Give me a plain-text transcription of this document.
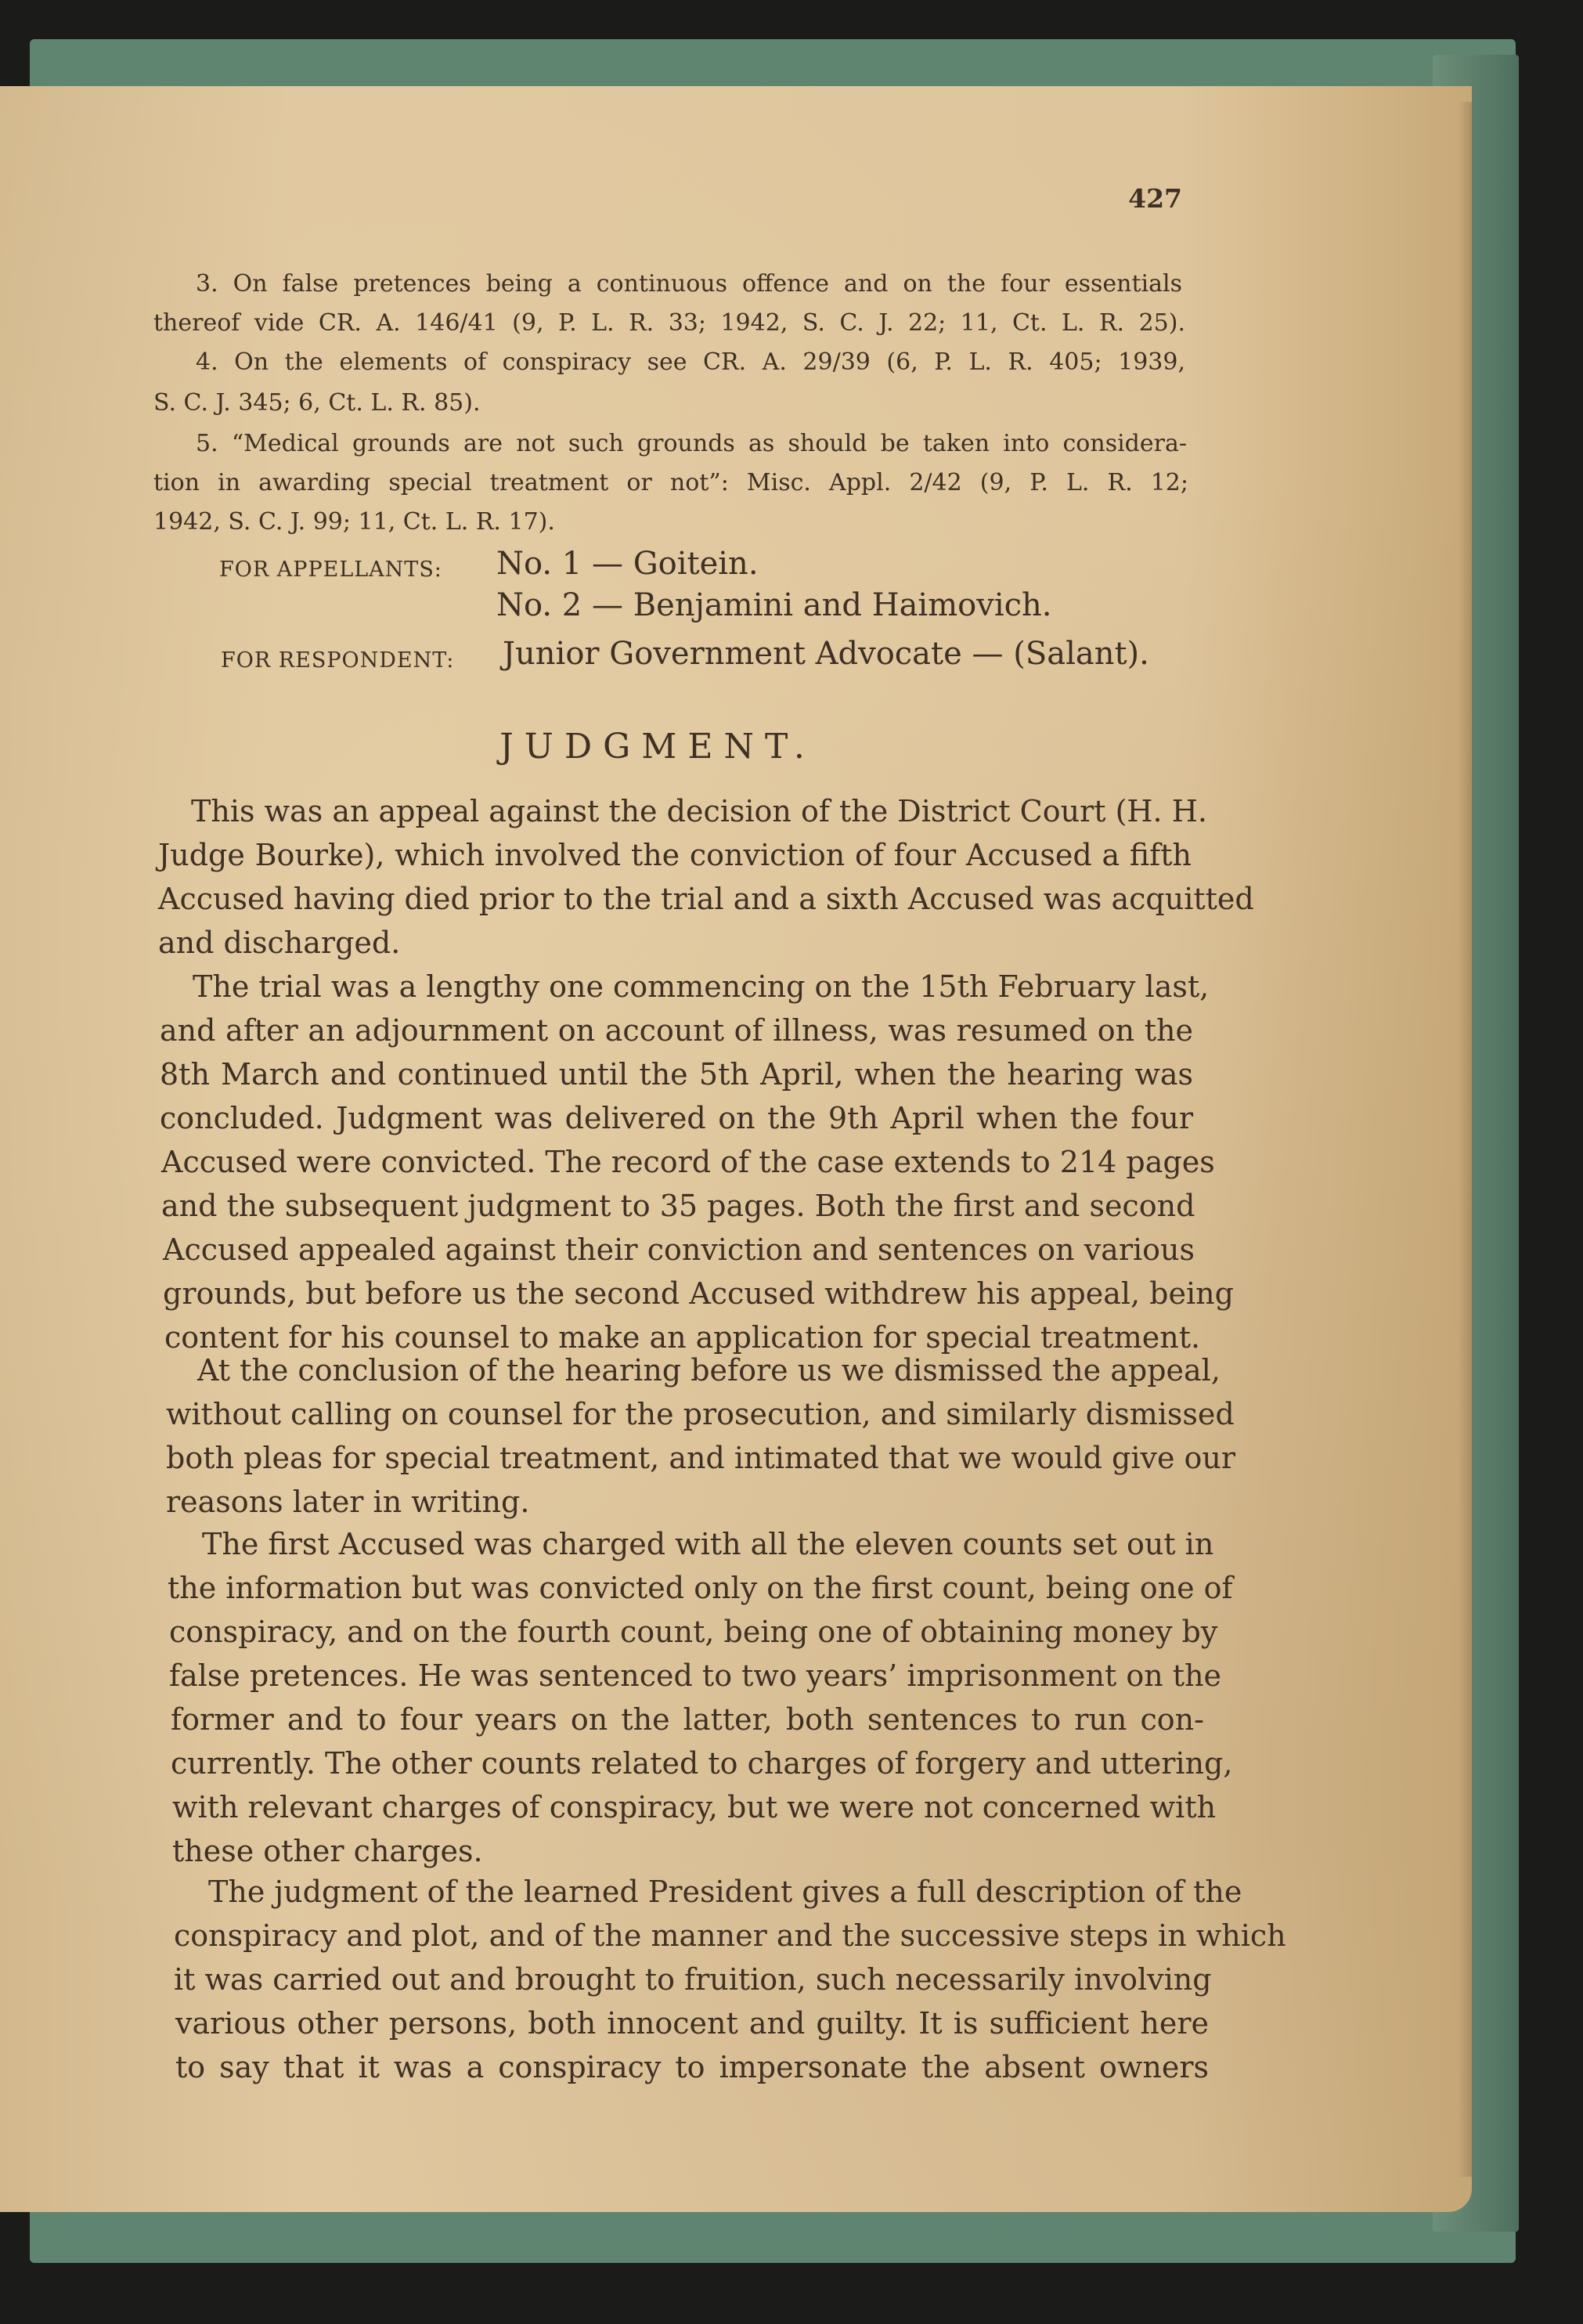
427
3. On false pretences being a continuous offence and on the four essentials
thereof vide CR. A. 146/41 (9, P. L. R. 33; 1942, S. C. J. 22; 11, Ct. L. R. 25).
4. On the elements of conspiracy see CR. A. 29/39 (6, P. L. R. 405; 1939,
S. C. J. 345; 6, Ct. L. R. 85).
5. “Medical grounds are not such grounds as should be taken into considera-
tion in awarding special treatment or not”: Misc. Appl. 2/42 (9, P. L. R. 12;
1942, S. C. J. 99; 11, Ct. L. R. 17).
FOR APPELLANTS: No. 1 — Goitein.
No. 2 — Benjamini and Haimovich.
FOR RESPONDENT: Junior Government Advocate — (Salant).
JUDGMENT.
This was an appeal against the decision of the District Court (H. H.
Judge Bourke), which involved the conviction of four Accused a fifth
Accused having died prior to the trial and a sixth Accused was acquitted
and discharged.
The trial was a lengthy one commencing on the 15th February last,
and after an adjournment on account of illness, was resumed on the
8th March and continued until the 5th April, when the hearing was
concluded. Judgment was delivered on the 9th April when the four
Accused were convicted. The record of the case extends to 214 pages
and the subsequent judgment to 35 pages. Both the first and second
Accused appealed against their conviction and sentences on various
grounds, but before us the second Accused withdrew his appeal, being
content for his counsel to make an application for special treatment.
At the conclusion of the hearing before us we dismissed the appeal,
without calling on counsel for the prosecution, and similarly dismissed
both pleas for special treatment, and intimated that we would give our
reasons later in writing.
The first Accused was charged with all the eleven counts set out in
the information but was convicted only on the first count, being one of
conspiracy, and on the fourth count, being one of obtaining money by
false pretences. He was sentenced to two years’ imprisonment on the
former and to four years on the latter, both sentences to run con-
currently. The other counts related to charges of forgery and uttering,
with relevant charges of conspiracy, but we were not concerned with
these other charges.
The judgment of the learned President gives a full description of the
conspiracy and plot, and of the manner and the successive steps in which
it was carried out and brought to fruition, such necessarily involving
various other persons, both innocent and guilty. It is sufficient here
to say that it was a conspiracy to impersonate the absent owners
